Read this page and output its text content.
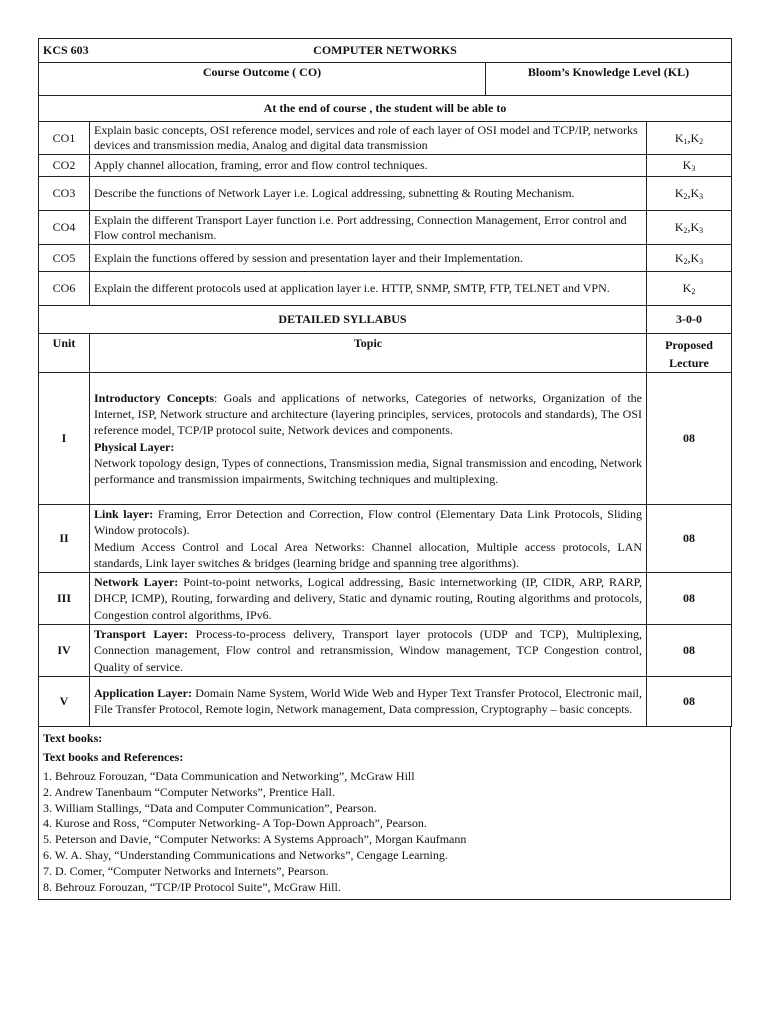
KCS 603 COMPUTER NETWORKS			

Course Outcome ( CO)		Bloom’s Knowledge Level (KL)	
At the end of course , the student will be able to			
CO1	Explain basic concepts, OSI reference model, services and role of each layer of OSI model and TCP/IP, networks devices and transmission media, Analog and digital data transmission		$K_1,K_2$
CO2	Apply channel allocation, framing, error and flow control techniques.		$K_3$
CO3	Describe the functions of Network Layer i.e. Logical addressing, subnetting & Routing Mechanism.		$K_2,K_3$
CO4	Explain the different Transport Layer function i.e. Port addressing, Connection Management, Error control and Flow control mechanism.		$K_2,K_3$
CO5	Explain the functions offered by session and presentation layer and their Implementation.		$K_2,K_3$
CO6	Explain the different protocols used at application layer i.e. HTTP, SNMP, SMTP, FTP, TELNET and VPN.		$K_2$
DETAILED SYLLABUS			3-0-0
Unit	Topic		Proposed Lecture
I	Introductory Concepts: Goals and applications of networks, Categories of networks, Organization of the Internet, ISP, Network structure and architecture (layering principles, services, protocols and standards), The OSI reference model, TCP/IP protocol suite, Network devices and components.
Physical Layer:
Network topology design, Types of connections, Transmission media, Signal transmission and encoding, Network performance and transmission impairments, Switching techniques and multiplexing.		08
II	Link layer: Framing, Error Detection and Correction, Flow control (Elementary Data Link Protocols, Sliding Window protocols).
Medium Access Control and Local Area Networks: Channel allocation, Multiple access protocols, LAN standards, Link layer switches & bridges (learning bridge and spanning tree algorithms).		08
III	Network Layer: Point-to-point networks, Logical addressing, Basic internetworking (IP, CIDR, ARP, RARP, DHCP, ICMP), Routing, forwarding and delivery, Static and dynamic routing, Routing algorithms and protocols, Congestion control algorithms, IPv6.		08
IV	Transport Layer: Process-to-process delivery, Transport layer protocols (UDP and TCP), Multiplexing, Connection management, Flow control and retransmission, Window management, TCP Congestion control, Quality of service.		08
V	Application Layer: Domain Name System, World Wide Web and Hyper Text Transfer Protocol, Electronic mail, File Transfer Protocol, Remote login, Network management, Data compression, Cryptography – basic concepts.		08
Text books:
Text books and References:
1. Behrouz Forouzan, “Data Communication and Networking”, McGraw Hill
2. Andrew Tanenbaum “Computer Networks”, Prentice Hall.
3. William Stallings, “Data and Computer Communication”, Pearson.
4. Kurose and Ross, “Computer Networking- A Top-Down Approach”, Pearson.
5. Peterson and Davie, “Computer Networks: A Systems Approach”, Morgan Kaufmann
6. W. A. Shay, “Understanding Communications and Networks”, Cengage Learning.
7. D. Comer, “Computer Networks and Internets”, Pearson.
8. Behrouz Forouzan, “TCP/IP Protocol Suite”, McGraw Hill.
